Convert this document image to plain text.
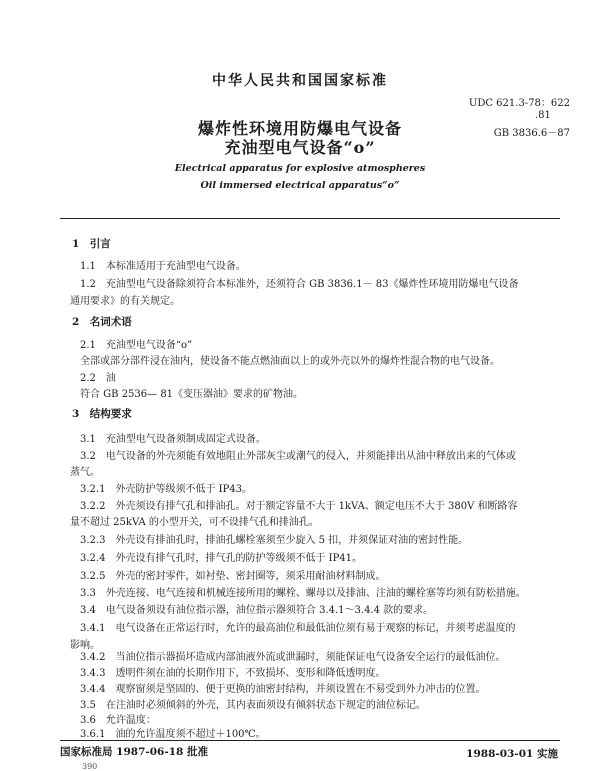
中华人民共和国国家标准
UDC 621.3-78：622
.81
GB 3836.6－87
爆炸性环境用防爆电气设备
充油型电气设备“o”
Electrical apparatus for explosive atmospheres
Oil immersed electrical apparatus“o”
1　引言
1.1 本标准适用于充油型电气设备。
1.2 充油型电气设备除须符合本标准外，还须符合 GB 3836.1－ 83《爆炸性环境用防爆电气设备
通用要求》的有关规定。
2　名词术语
2.1 充油型电气设备“o”
全部或部分部件浸在油内，使设备不能点燃油面以上的或外壳以外的爆炸性混合物的电气设备。
2.2 油
符合 GB 2536— 81《变压器油》要求的矿物油。
3　结构要求
3.1 充油型电气设备须制成固定式设备。
3.2 电气设备的外壳须能有效地阻止外部灰尘或潮气的侵入，并须能排出从油中释放出来的气体或
蒸气。
3.2.1 外壳防护等级须不低于 IP43。
3.2.2 外壳须设有排气孔和排油孔。对于额定容量不大于 1kVA、额定电压不大于 380V 和断路容
量不超过 25kVA 的小型开关，可不设排气孔和排油孔。
3.2.3 外壳设有排油孔时，排油孔螺栓塞须至少旋入 5 扣，并须保证对油的密封性能。
3.2.4 外壳设有排气孔时，排气孔的防护等级须不低于 IP41。
3.2.5 外壳的密封零件，如衬垫、密封圈等，须采用耐油材料制成。
3.3 外壳连接、电气连接和机械连接所用的螺栓、螺母以及排油、注油的螺栓塞等均须有防松措施。
3.4 电气设备须设有油位指示器，油位指示器须符合 3.4.1～3.4.4 款的要求。
3.4.1 电气设备在正常运行时，允许的最高油位和最低油位须有易于观察的标记，并须考虑温度的
影响。
3.4.2 当油位指示器损坏造成内部油液外流或泄漏时，须能保证电气设备安全运行的最低油位。
3.4.3 透明件须在油的长期作用下，不致损坏、变形和降低透明度。
3.4.4 观察窗须是坚固的、便于更换的油密封结构，并须设置在不易受到外力冲击的位置。
3.5 在注油时必须倾斜的外壳，其内表面须设有倾斜状态下规定的油位标记。
3.6 允许温度：
国家标准局 1987-06-18 批准	1988-03-01 实施
390
3.6.1 油的允许温度须不超过＋100℃。
